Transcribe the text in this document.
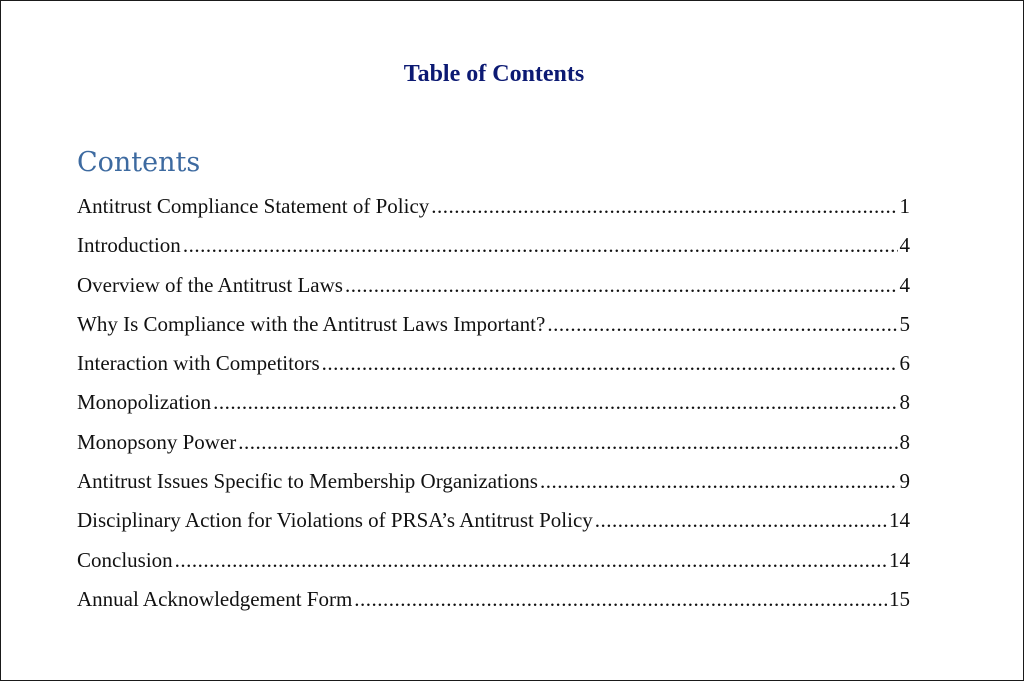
Table of Contents
Contents
Antitrust Compliance Statement of Policy .....	1
Introduction .....	4
Overview of the Antitrust Laws .....	4
Why Is Compliance with the Antitrust Laws Important? .....	5
Interaction with Competitors .....	6
Monopolization .....	8
Monopsony Power .....	8
Antitrust Issues Specific to Membership Organizations .....	9
Disciplinary Action for Violations of PRSA’s Antitrust Policy .....	14
Conclusion .....	14
Annual Acknowledgement Form .....	15
